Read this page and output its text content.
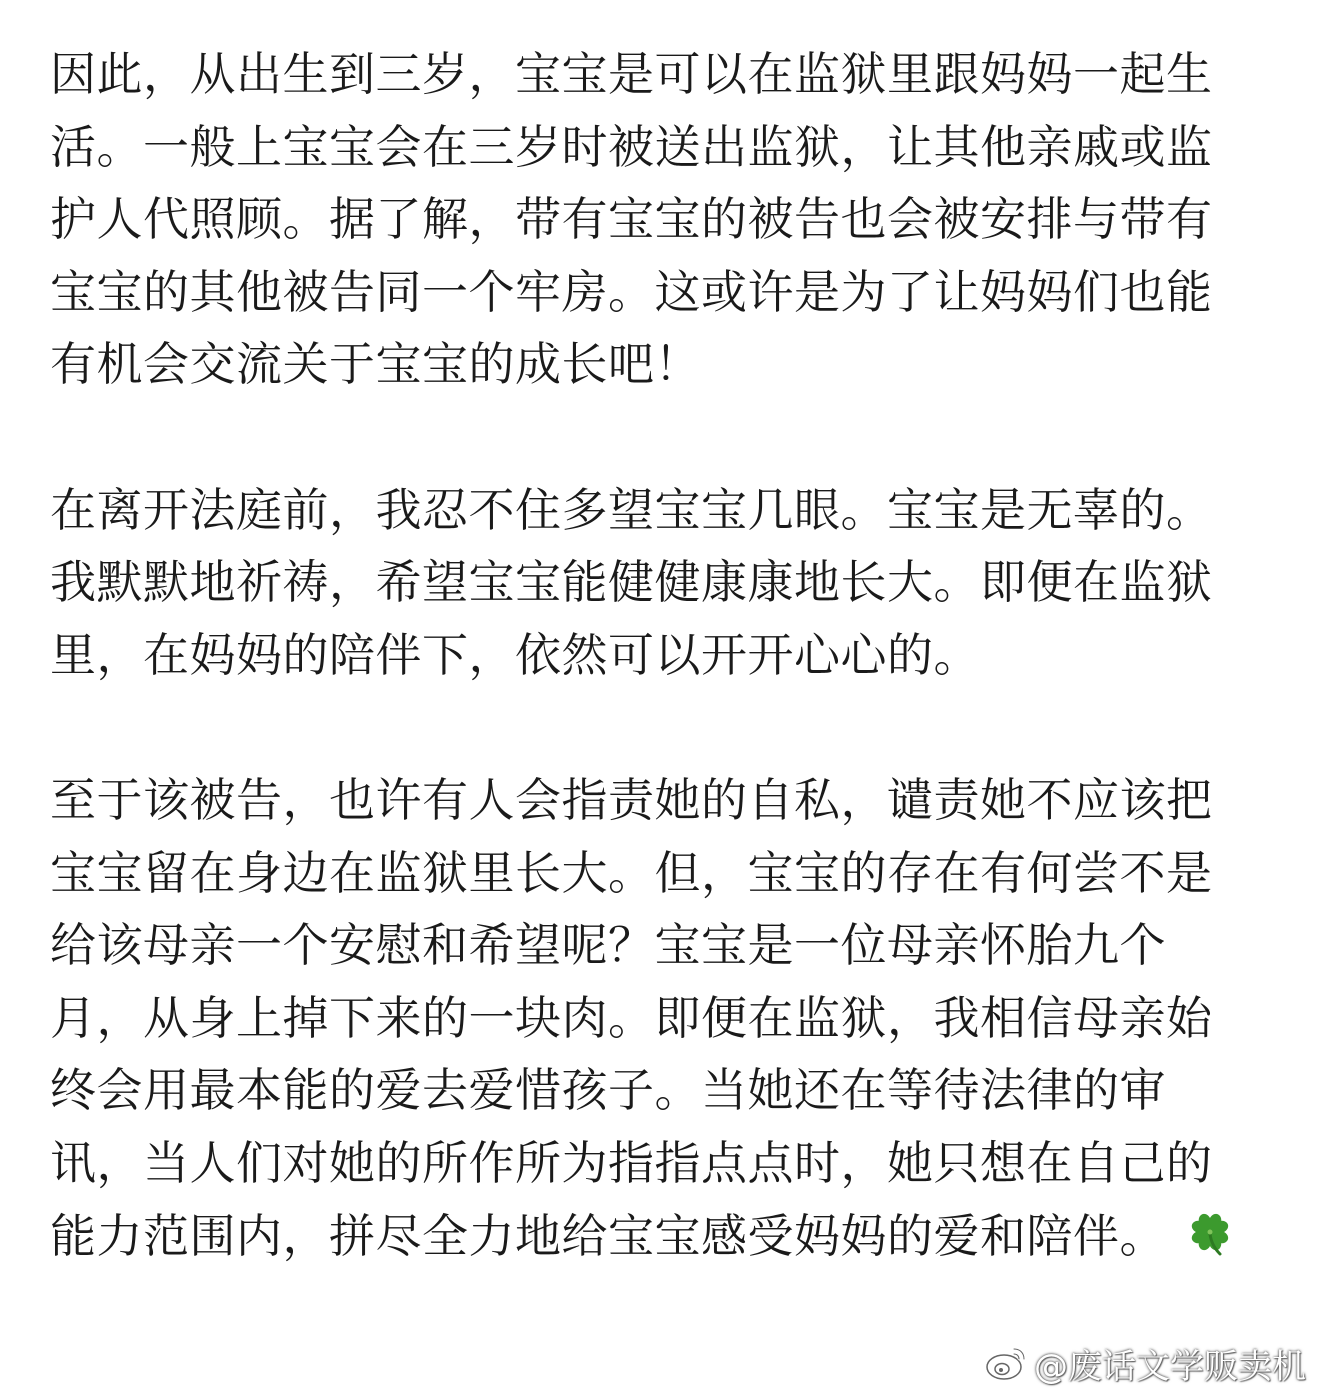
因此，从出生到三岁，宝宝是可以在监狱里跟妈妈一起生
活。一般上宝宝会在三岁时被送出监狱，让其他亲戚或监
护人代照顾。据了解，带有宝宝的被告也会被安排与带有
宝宝的其他被告同一个牢房。这或许是为了让妈妈们也能
有机会交流关于宝宝的成长吧！
在离开法庭前，我忍不住多望宝宝几眼。宝宝是无辜的。
我默默地祈祷，希望宝宝能健健康康地长大。即便在监狱
里，在妈妈的陪伴下，依然可以开开心心的。
至于该被告，也许有人会指责她的自私，谴责她不应该把
宝宝留在身边在监狱里长大。但，宝宝的存在有何尝不是
给该母亲一个安慰和希望呢？宝宝是一位母亲怀胎九个
月，从身上掉下来的一块肉。即便在监狱，我相信母亲始
终会用最本能的爱去爱惜孩子。当她还在等待法律的审
讯，当人们对她的所作所为指指点点时，她只想在自己的
能力范围内，拼尽全力地给宝宝感受妈妈的爱和陪伴。
@废话文学贩卖机
